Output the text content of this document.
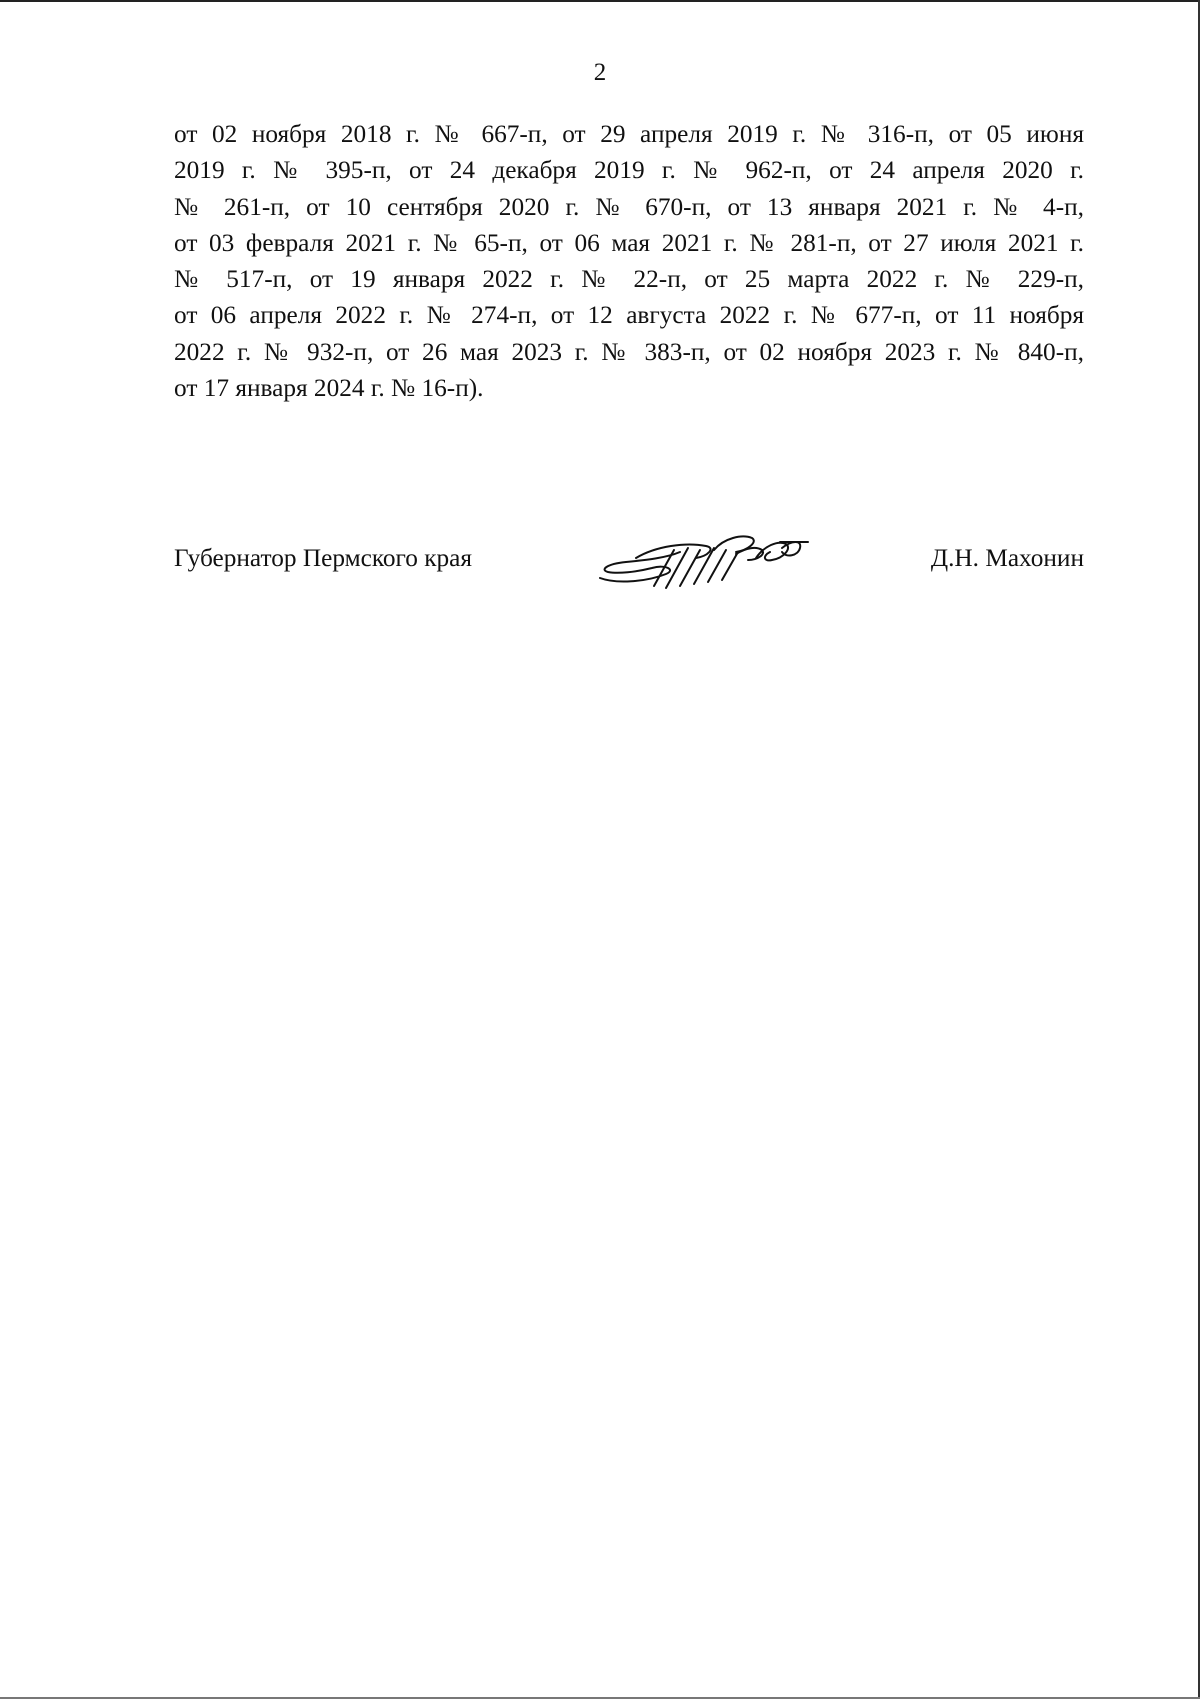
2

от 02 ноября 2018 г. № 667-п, от 29 апреля 2019 г. № 316-п, от 05 июня
2019 г. № 395-п, от 24 декабря 2019 г. № 962-п, от 24 апреля 2020 г.
№ 261-п, от 10 сентября 2020 г. № 670-п, от 13 января 2021 г. № 4-п,
от 03 февраля 2021 г. № 65-п, от 06 мая 2021 г. № 281-п, от 27 июля 2021 г.
№ 517-п, от 19 января 2022 г. № 22-п, от 25 марта 2022 г. № 229-п,
от 06 апреля 2022 г. № 274-п, от 12 августа 2022 г. № 677-п, от 11 ноября
2022 г. № 932-п, от 26 мая 2023 г. № 383-п, от 02 ноября 2023 г. № 840-п,
от 17 января 2024 г. № 16-п).

Губернатор Пермского края	Д.Н. Махонин
